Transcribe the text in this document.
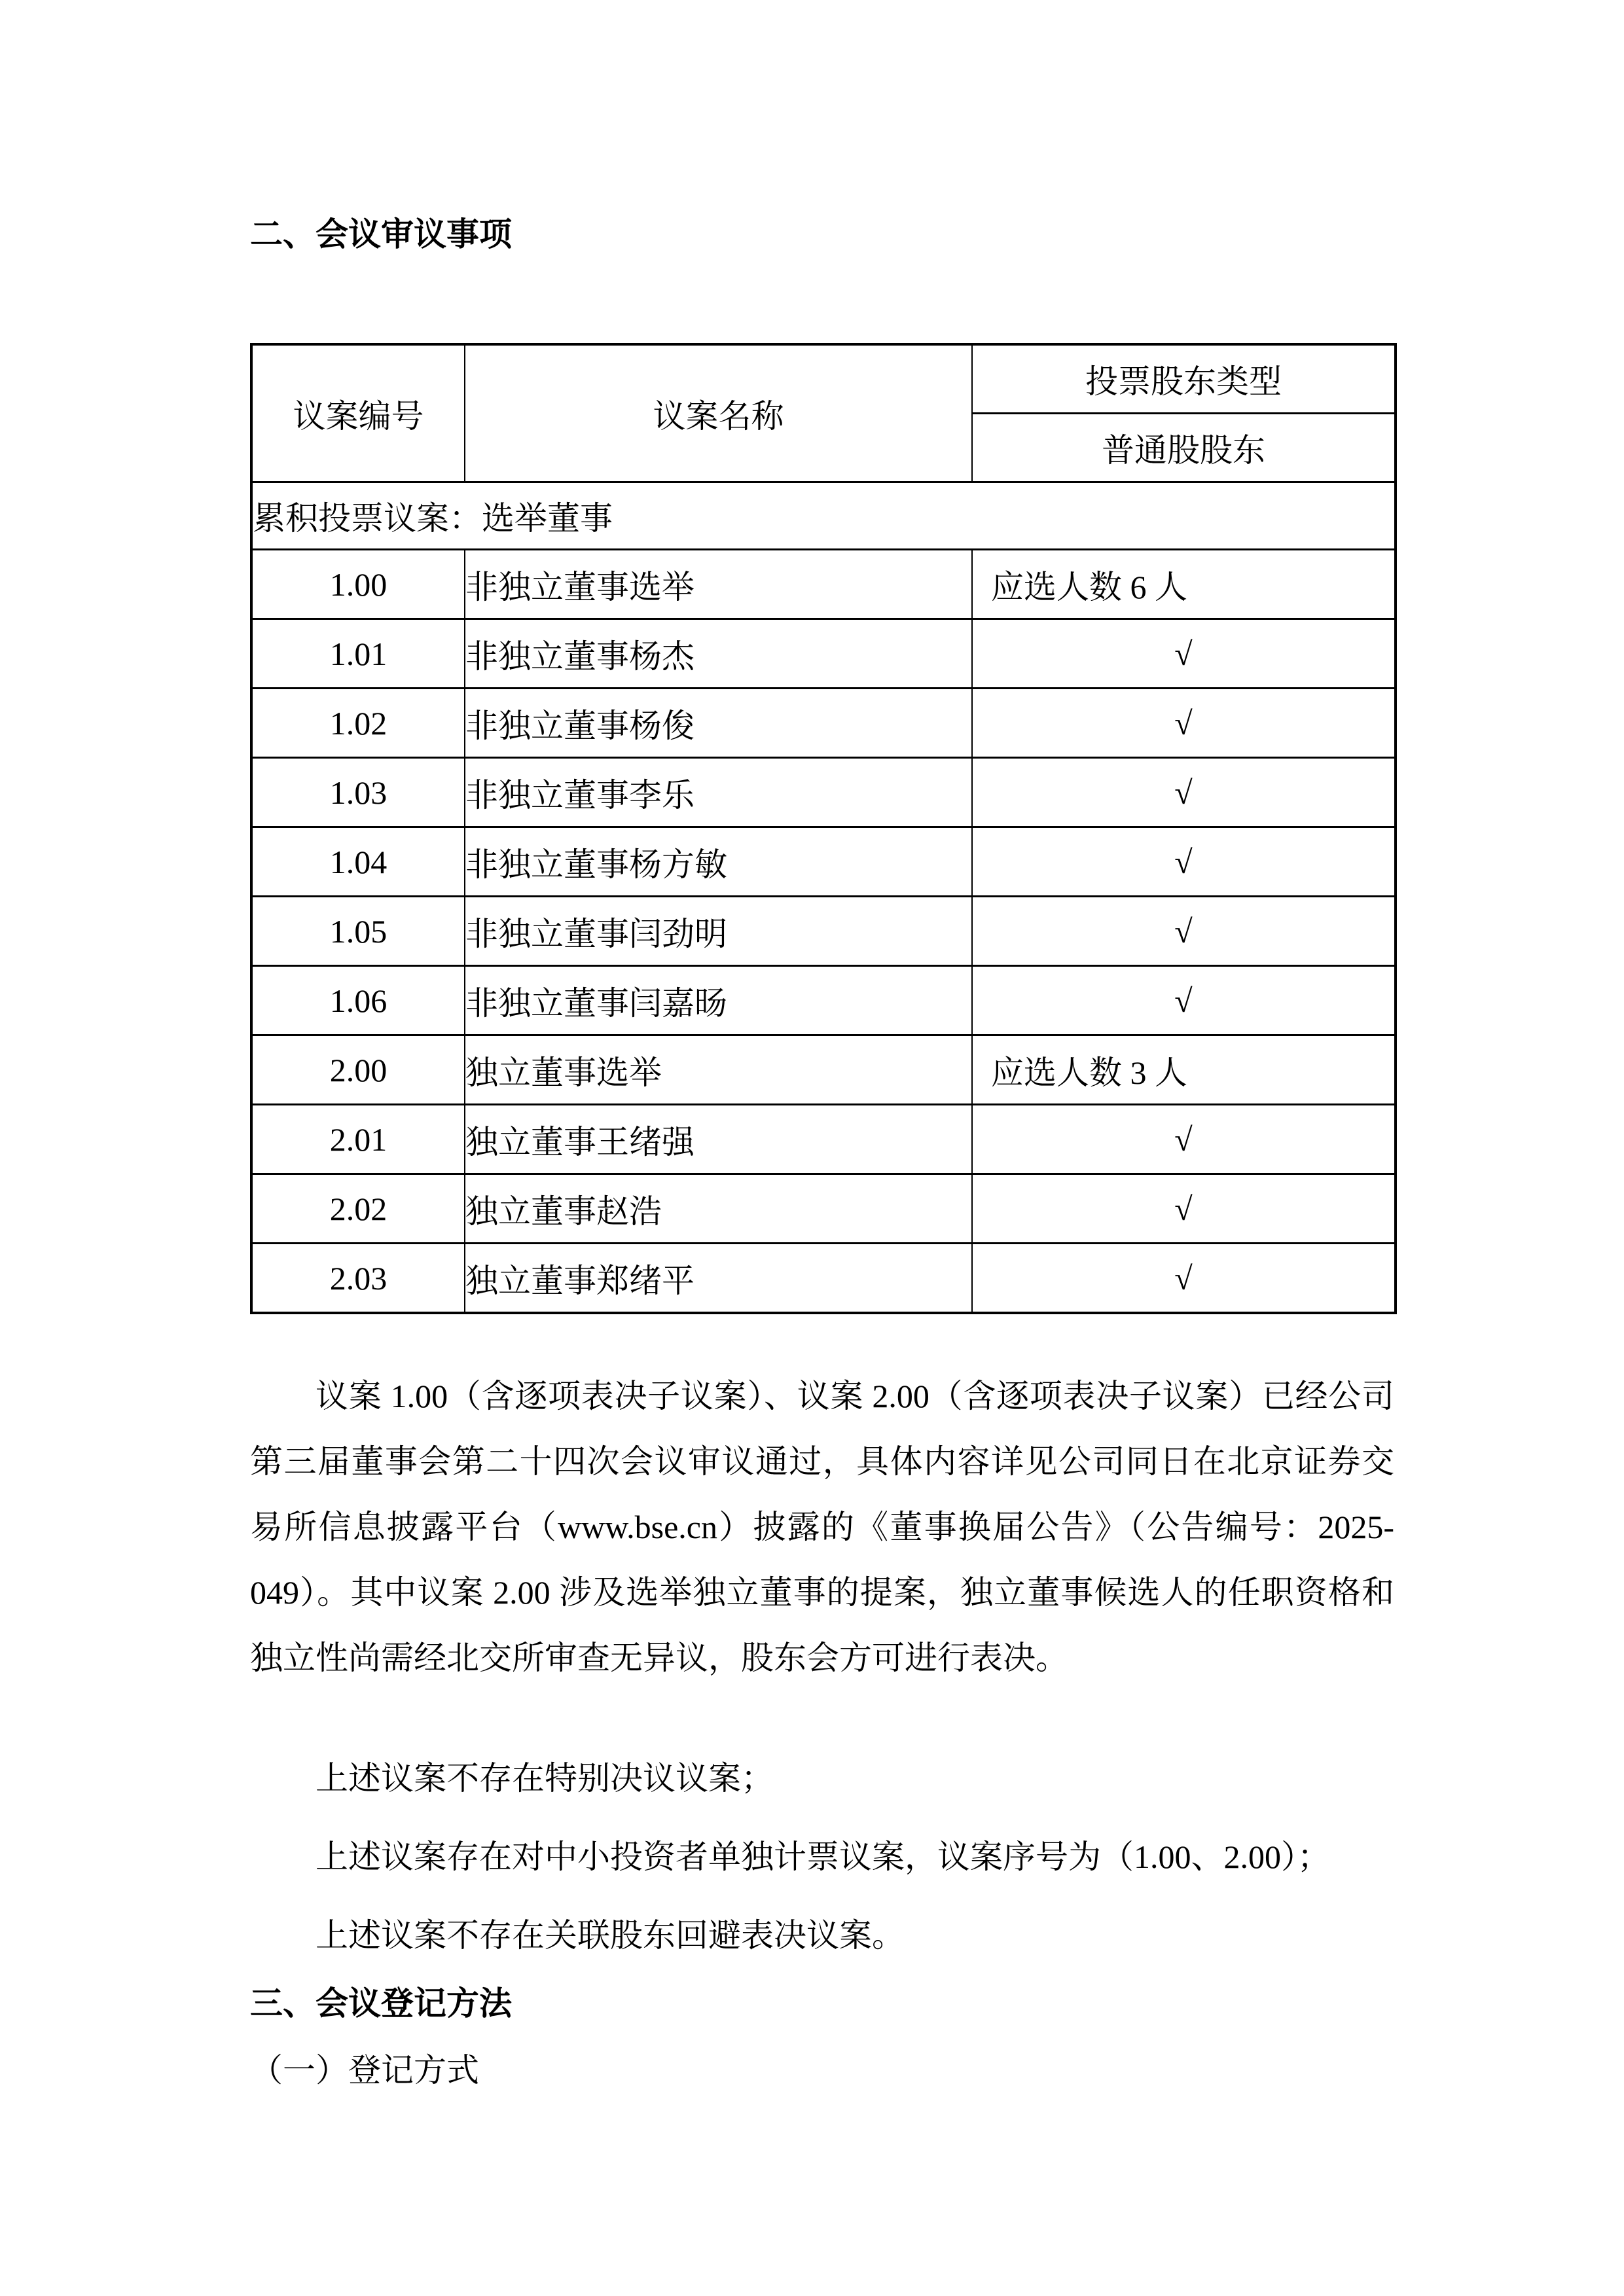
二、会议审议事项
议案编号	议案名称	投票股东类型
		普通股股东
累积投票议案：选举董事		
1.00	非独立董事选举	应选人数 6 人
1.01	非独立董事杨杰	√
1.02	非独立董事杨俊	√
1.03	非独立董事李乐	√
1.04	非独立董事杨方敏	√
1.05	非独立董事闫劲明	√
1.06	非独立董事闫嘉旸	√
2.00	独立董事选举	应选人数 3 人
2.01	独立董事王绪强	√
2.02	独立董事赵浩	√
2.03	独立董事郑绪平	√

议案 1.00（含逐项表决子议案）、议案 2.00（含逐项表决子议案）已经公司第三届董事会第二十四次会议审议通过，具体内容详见公司同日在北京证券交易所信息披露平台（www.bse.cn）披露的《董事换届公告》（公告编号：2025-049）。其中议案 2.00 涉及选举独立董事的提案，独立董事候选人的任职资格和独立性尚需经北交所审查无异议，股东会方可进行表决。

上述议案不存在特别决议议案；

上述议案存在对中小投资者单独计票议案，议案序号为（1.00、2.00）；

上述议案不存在关联股东回避表决议案。

三、会议登记方法

（一）登记方式
